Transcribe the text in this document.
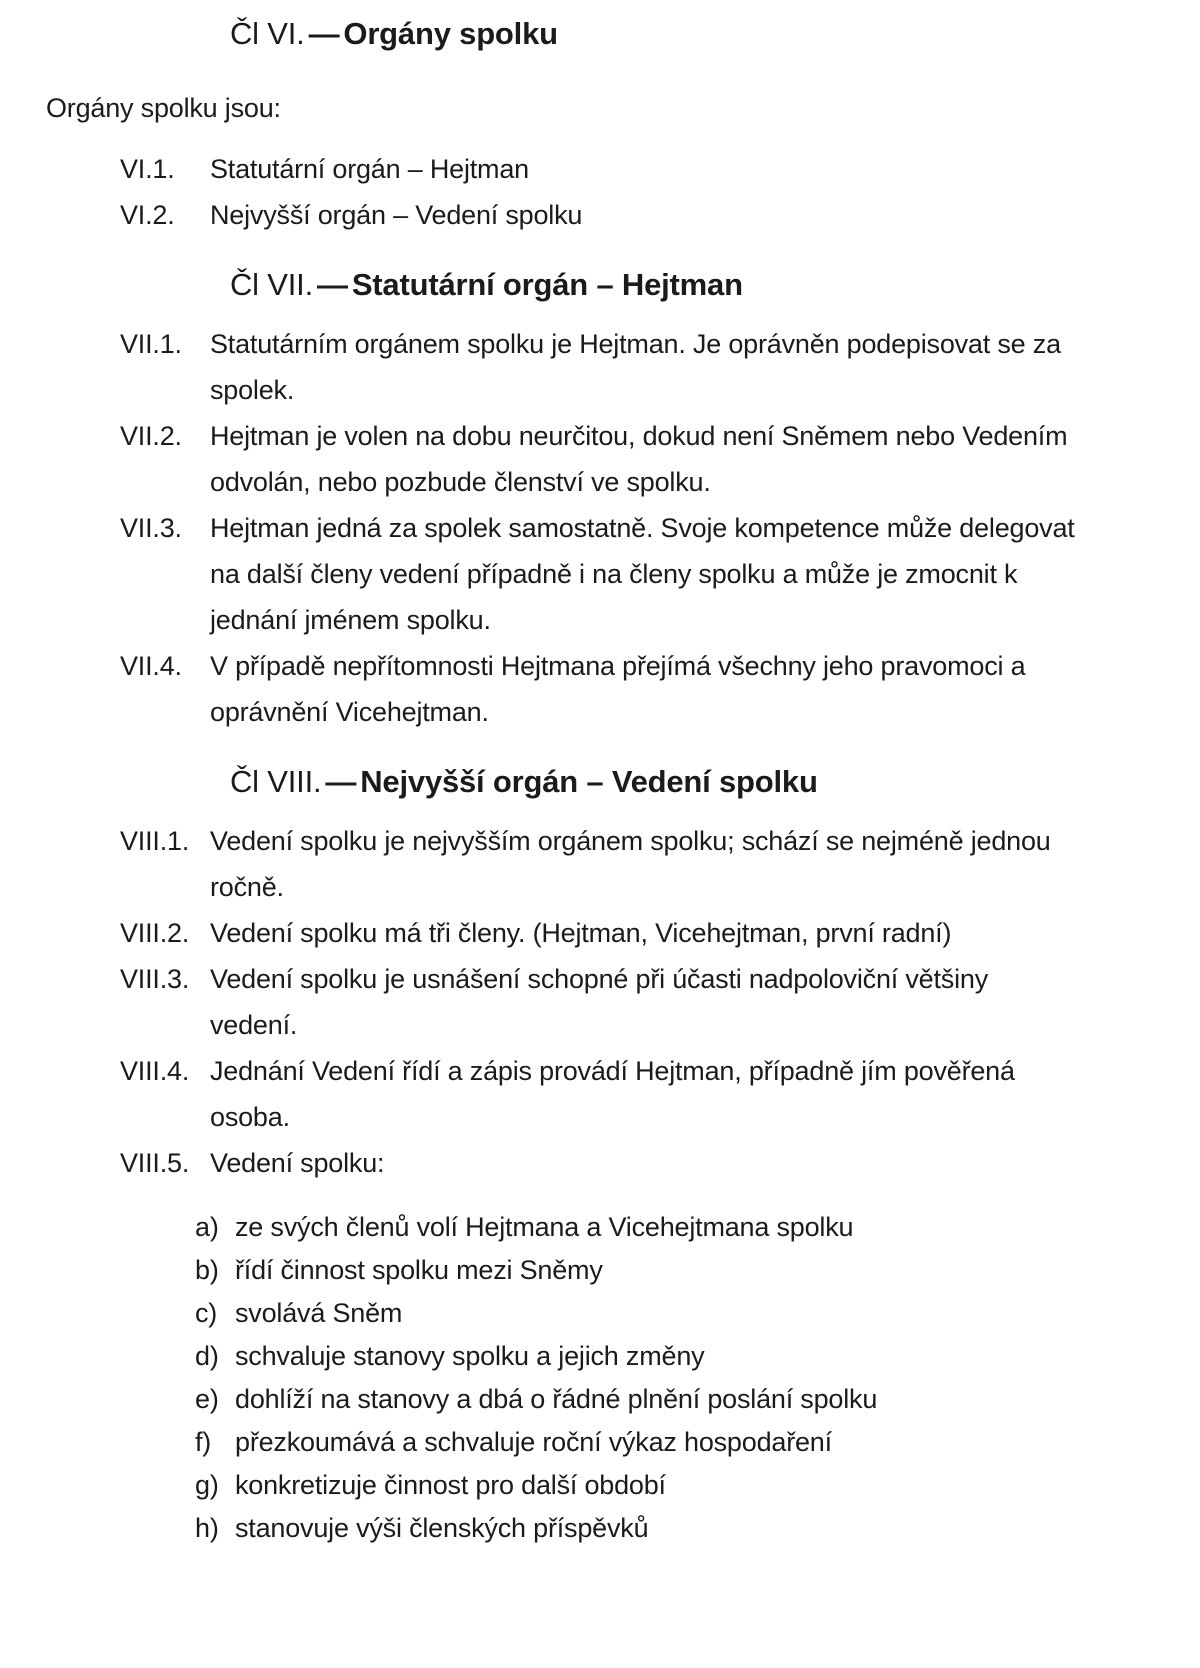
Čl VI. — Orgány spolku

Orgány spolku jsou:

VI.1.	Statutární orgán – Hejtman
VI.2.	Nejvyšší orgán – Vedení spolku
Čl VII. — Statutární orgán – Hejtman
VII.1.	Statutárním orgánem spolku je Hejtman. Je oprávněn podepisovat se za spolek.
VII.2.	Hejtman je volen na dobu neurčitou, dokud není Sněmem nebo Vedením odvolán, nebo pozbude členství ve spolku.
VII.3.	Hejtman jedná za spolek samostatně. Svoje kompetence může delegovat na další členy vedení případně i na členy spolku a může je zmocnit k jednání jménem spolku.
VII.4.	V případě nepřítomnosti Hejtmana přejímá všechny jeho pravomoci a oprávnění Vicehejtman.
Čl VIII. — Nejvyšší orgán – Vedení spolku
VIII.1. Vedení spolku je nejvyšším orgánem spolku; schází se nejméně jednou ročně.
VIII.2. Vedení spolku má tři členy. (Hejtman, Vicehejtman, první radní)
VIII.3. Vedení spolku je usnášení schopné při účasti nadpoloviční většiny vedení.
VIII.4. Jednání Vedení řídí a zápis provádí Hejtman, případně jím pověřená osoba.
VIII.5. Vedení spolku:
a) ze svých členů volí Hejtmana a Vicehejtmana spolku
b) řídí činnost spolku mezi Sněmy
c) svolává Sněm
d) schvaluje stanovy spolku a jejich změny
e) dohlíží na stanovy a dbá o řádné plnění poslání spolku
f) přezkoumává a schvaluje roční výkaz hospodaření
g) konkretizuje činnost pro další období
h) stanovuje výši členských příspěvků
